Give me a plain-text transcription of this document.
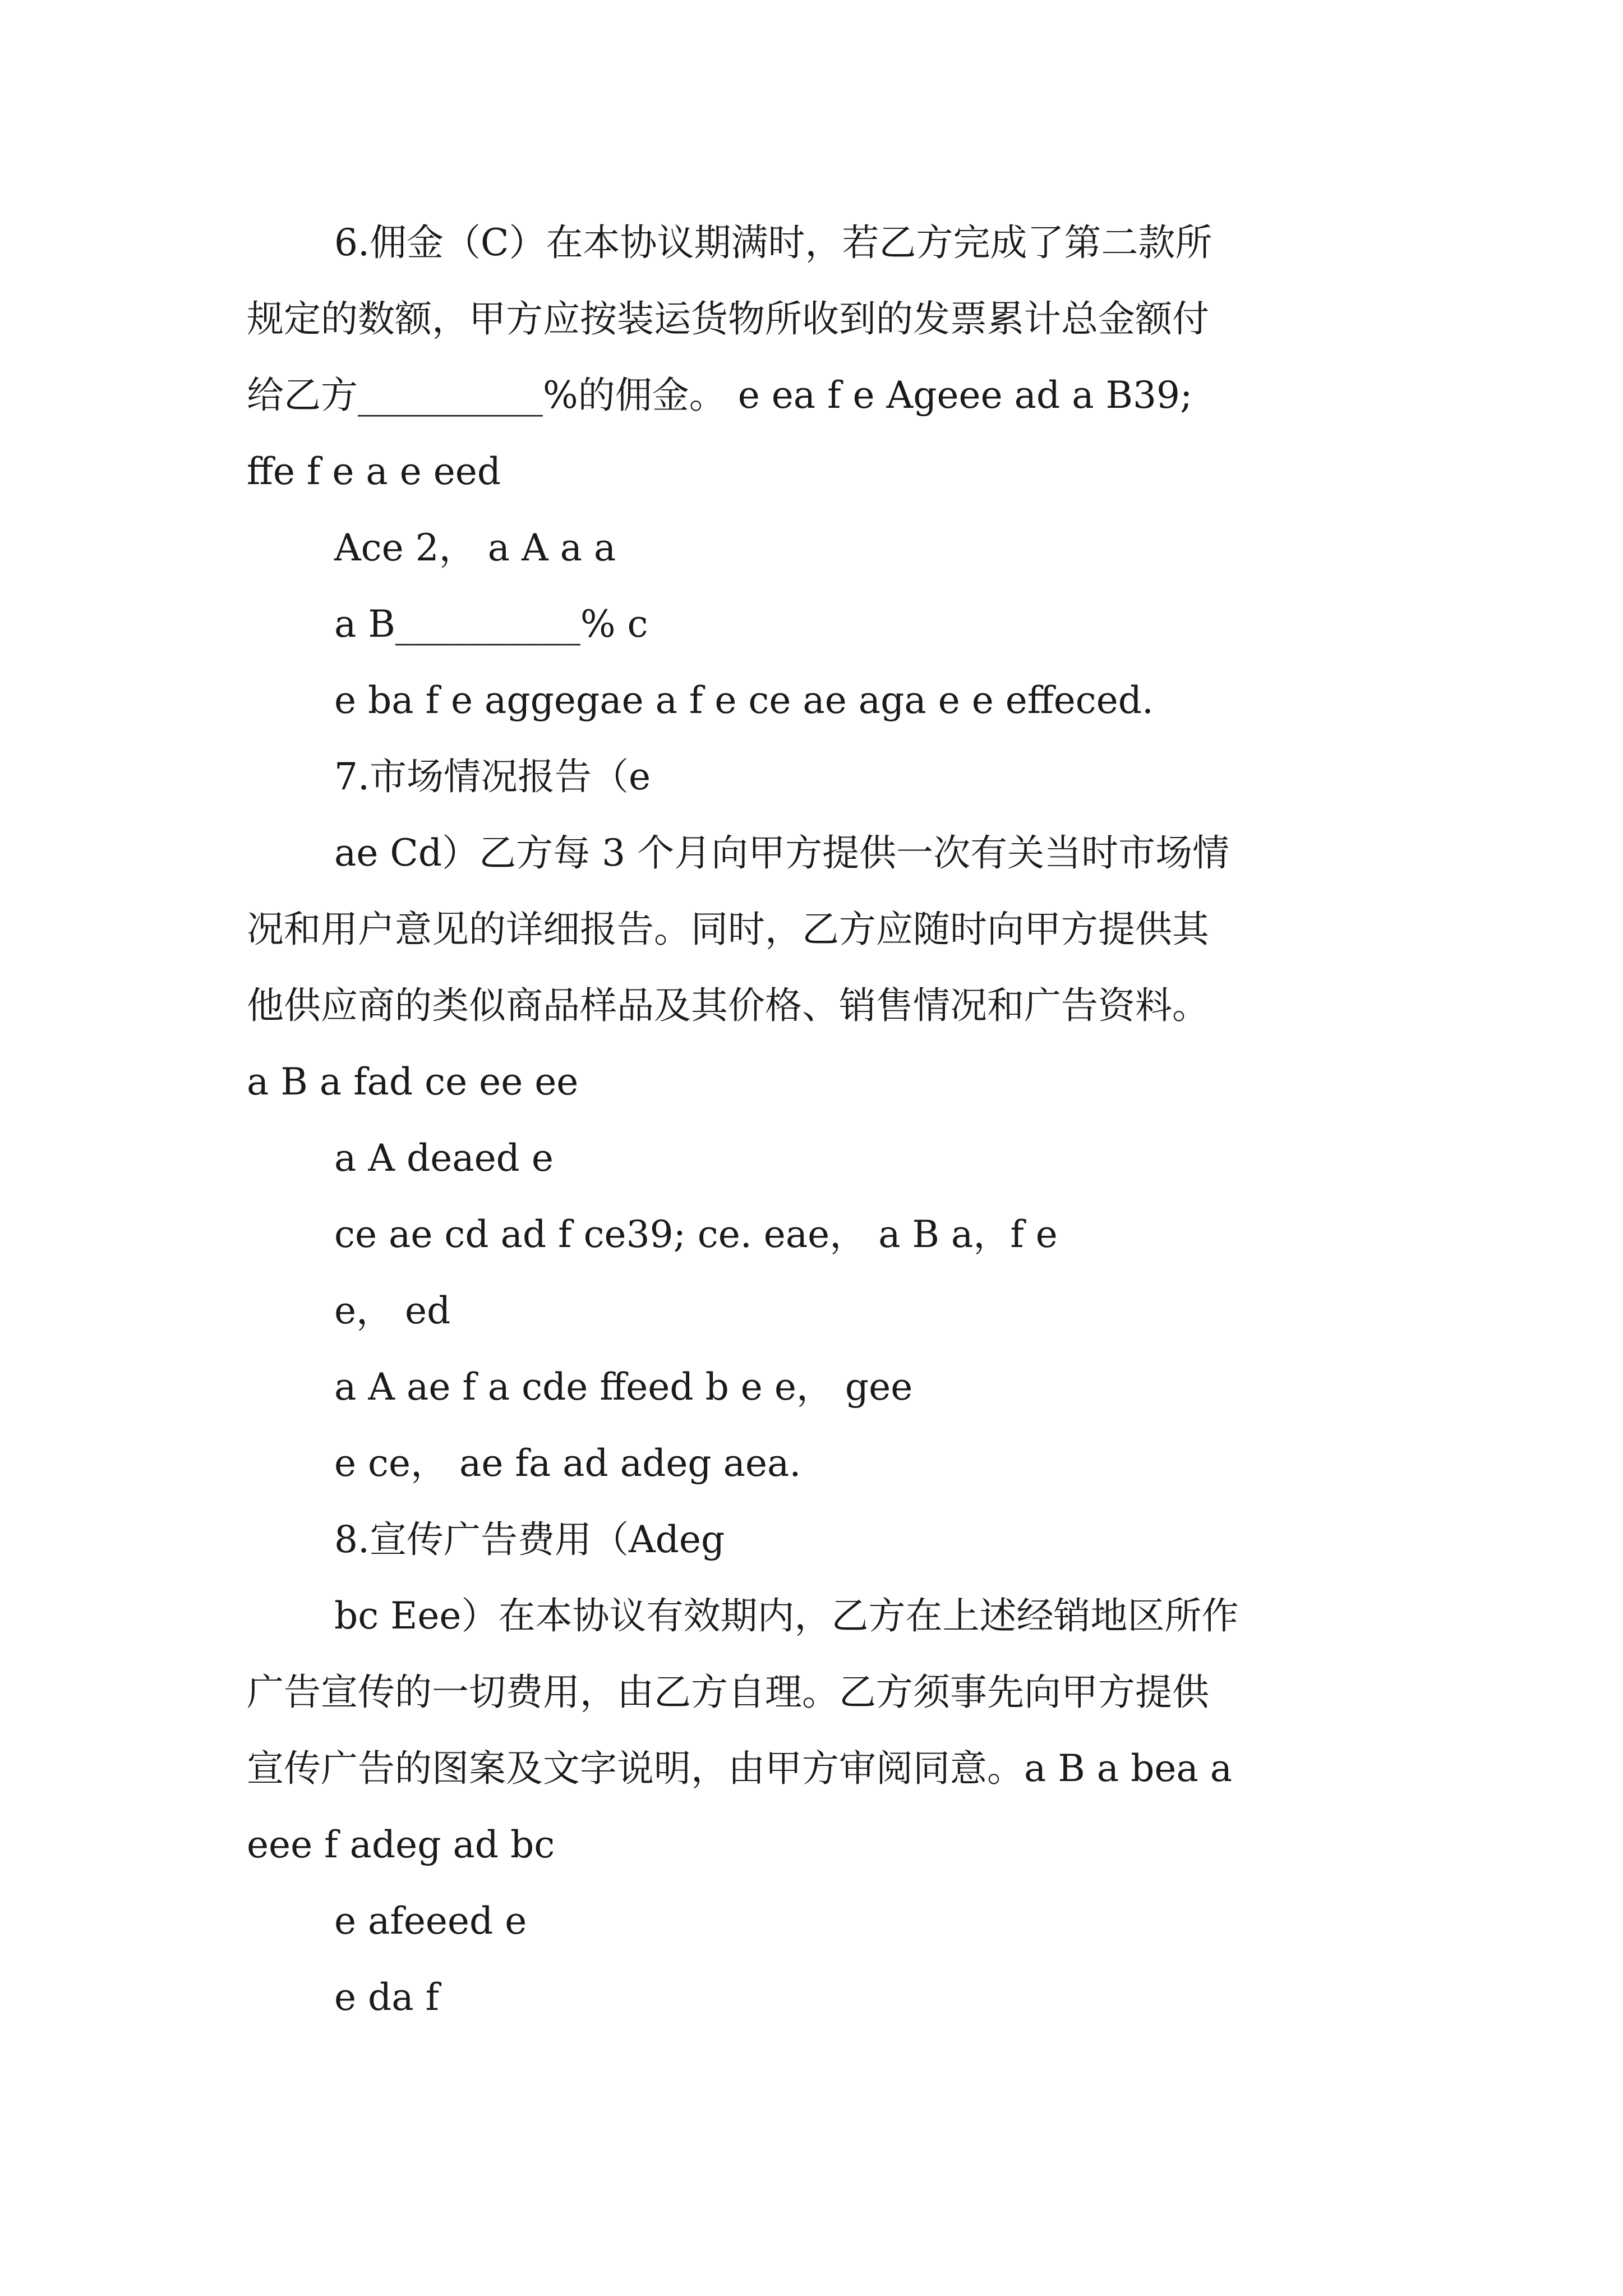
6.佣金（C）在本协议期满时，若乙方完成了第二款所
规定的数额，甲方应按装运货物所收到的发票累计总金额付
给乙方__________%的佣金。 e ea f e Ageee ad a B39;
ffe f e a e eed
Ace 2， a A a a
a B__________% c
e ba f e aggegae a f e ce ae aga e e effeced.
7.市场情况报告（e
ae Cd）乙方每 3 个月向甲方提供一次有关当时市场情
况和用户意见的详细报告。同时，乙方应随时向甲方提供其
他供应商的类似商品样品及其价格、销售情况和广告资料。
a B a fad ce ee ee
a A deaed e
ce ae cd ad f ce39; ce. eae， a B a，f e
e， ed
a A ae f a cde ffeed b e e， gee
e ce， ae fa ad adeg aea.
8.宣传广告费用（Adeg
bc Eee）在本协议有效期内，乙方在上述经销地区所作
广告宣传的一切费用，由乙方自理。乙方须事先向甲方提供
宣传广告的图案及文字说明，由甲方审阅同意。a B a bea a
eee f adeg ad bc
e afeeed e
e da f
